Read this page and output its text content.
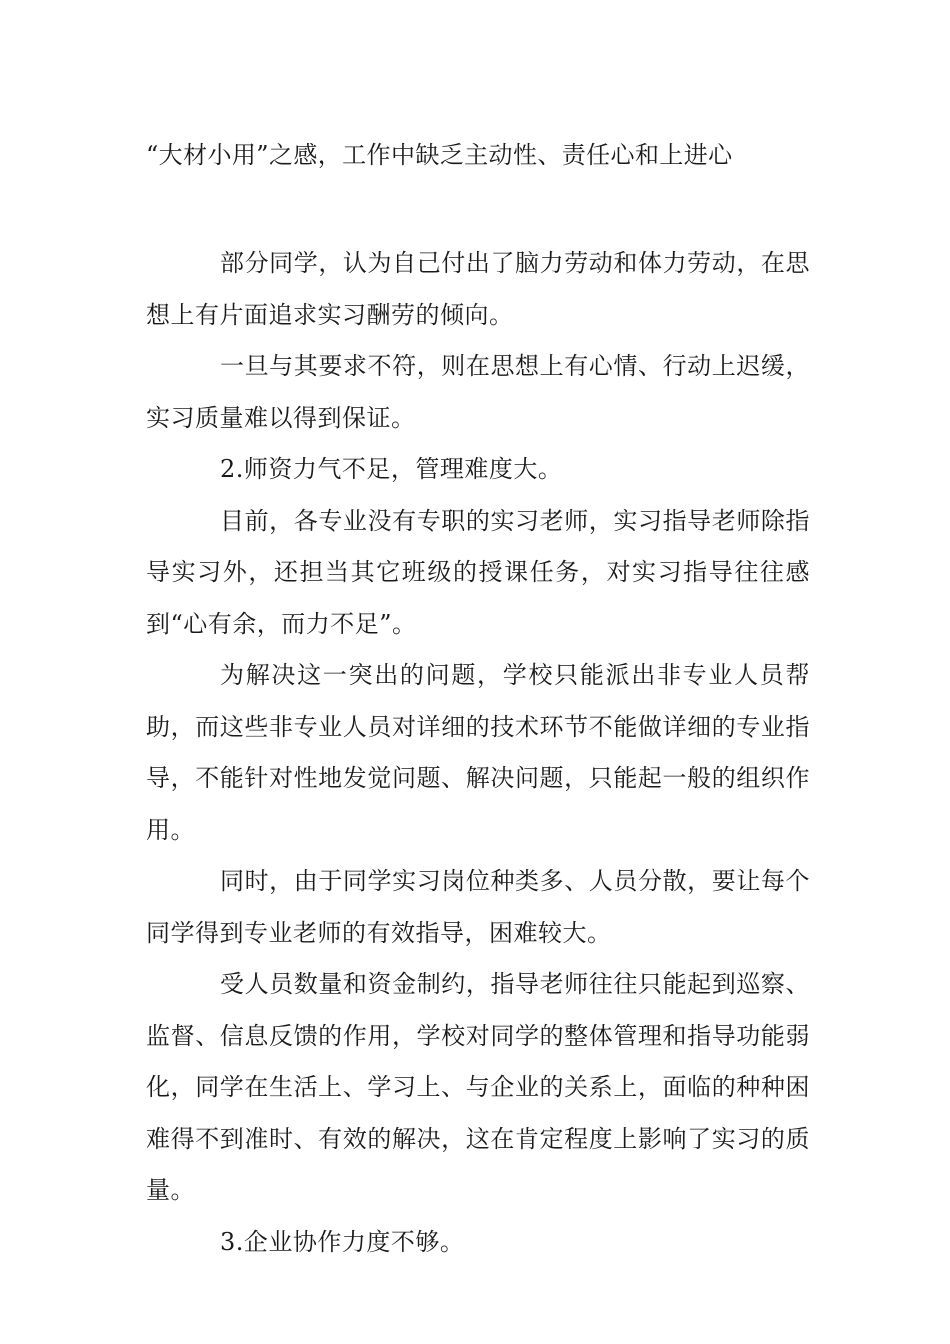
“大材小用”之感，工作中缺乏主动性、责任心和上进心

部分同学，认为自己付出了脑力劳动和体力劳动，在思想上有片面追求实习酬劳的倾向。

一旦与其要求不符，则在思想上有心情、行动上迟缓，实习质量难以得到保证。

2.师资力气不足，管理难度大。

目前，各专业没有专职的实习老师，实习指导老师除指导实习外，还担当其它班级的授课任务，对实习指导往往感到“心有余，而力不足”。

为解决这一突出的问题，学校只能派出非专业人员帮助，而这些非专业人员对详细的技术环节不能做详细的专业指导，不能针对性地发觉问题、解决问题，只能起一般的组织作用。

同时，由于同学实习岗位种类多、人员分散，要让每个同学得到专业老师的有效指导，困难较大。

受人员数量和资金制约，指导老师往往只能起到巡察、监督、信息反馈的作用，学校对同学的整体管理和指导功能弱化，同学在生活上、学习上、与企业的关系上，面临的种种困难得不到准时、有效的解决，这在肯定程度上影响了实习的质量。

3.企业协作力度不够。
